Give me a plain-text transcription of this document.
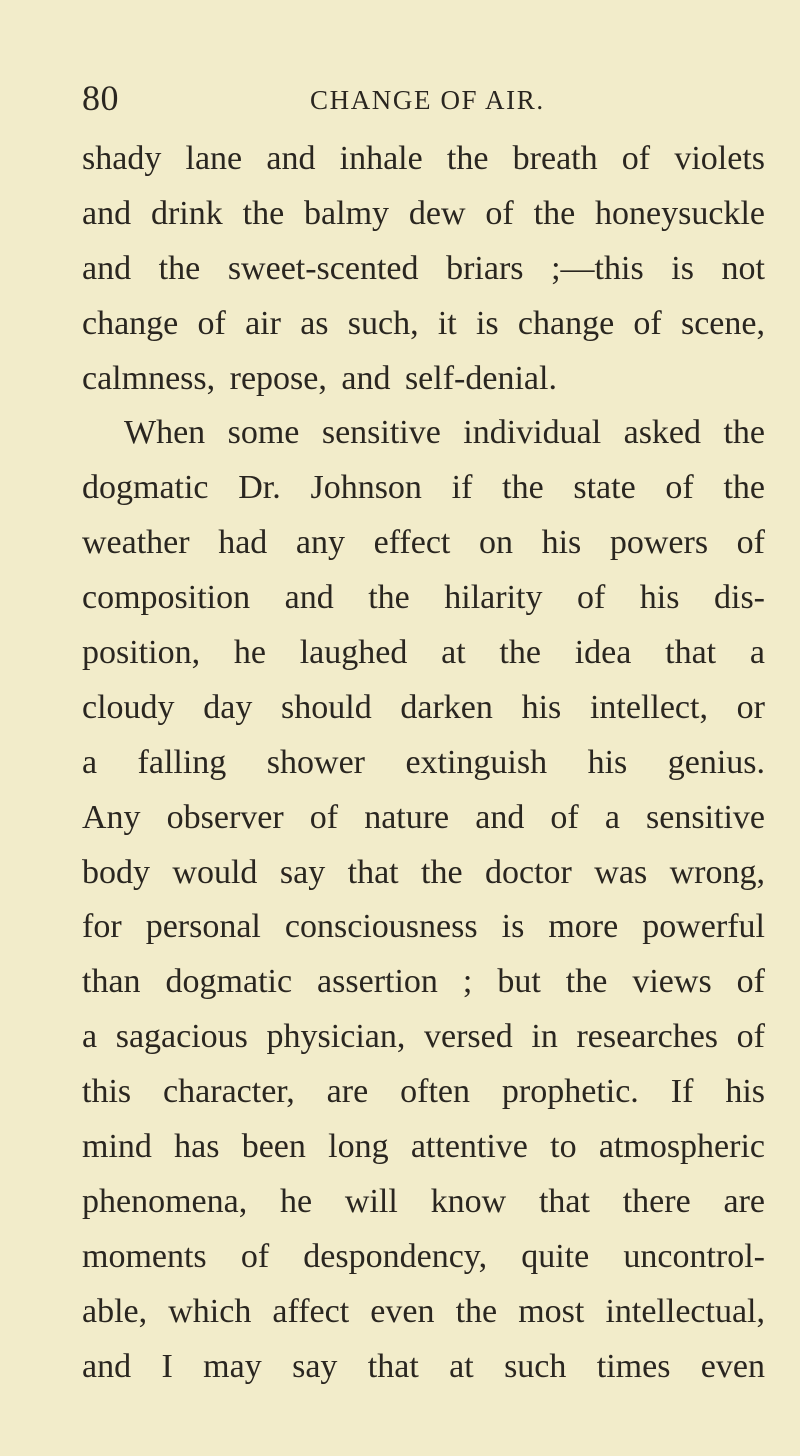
80	CHANGE OF AIR.
shady lane and inhale the breath of violets
and drink the balmy dew of the honeysuckle
and the sweet-scented briars ;—this is not
change of air as such, it is change of scene,
calmness, repose, and self-denial.
When some sensitive individual asked the
dogmatic Dr. Johnson if the state of the
weather had any effect on his powers of
composition and the hilarity of his dis-
position, he laughed at the idea that a
cloudy day should darken his intellect, or
a falling shower extinguish his genius.
Any observer of nature and of a sensitive
body would say that the doctor was wrong,
for personal consciousness is more powerful
than dogmatic assertion ; but the views of
a sagacious physician, versed in researches of
this character, are often prophetic. If his
mind has been long attentive to atmospheric
phenomena, he will know that there are
moments of despondency, quite uncontrol-
able, which affect even the most intellectual,
and I may say that at such times even
